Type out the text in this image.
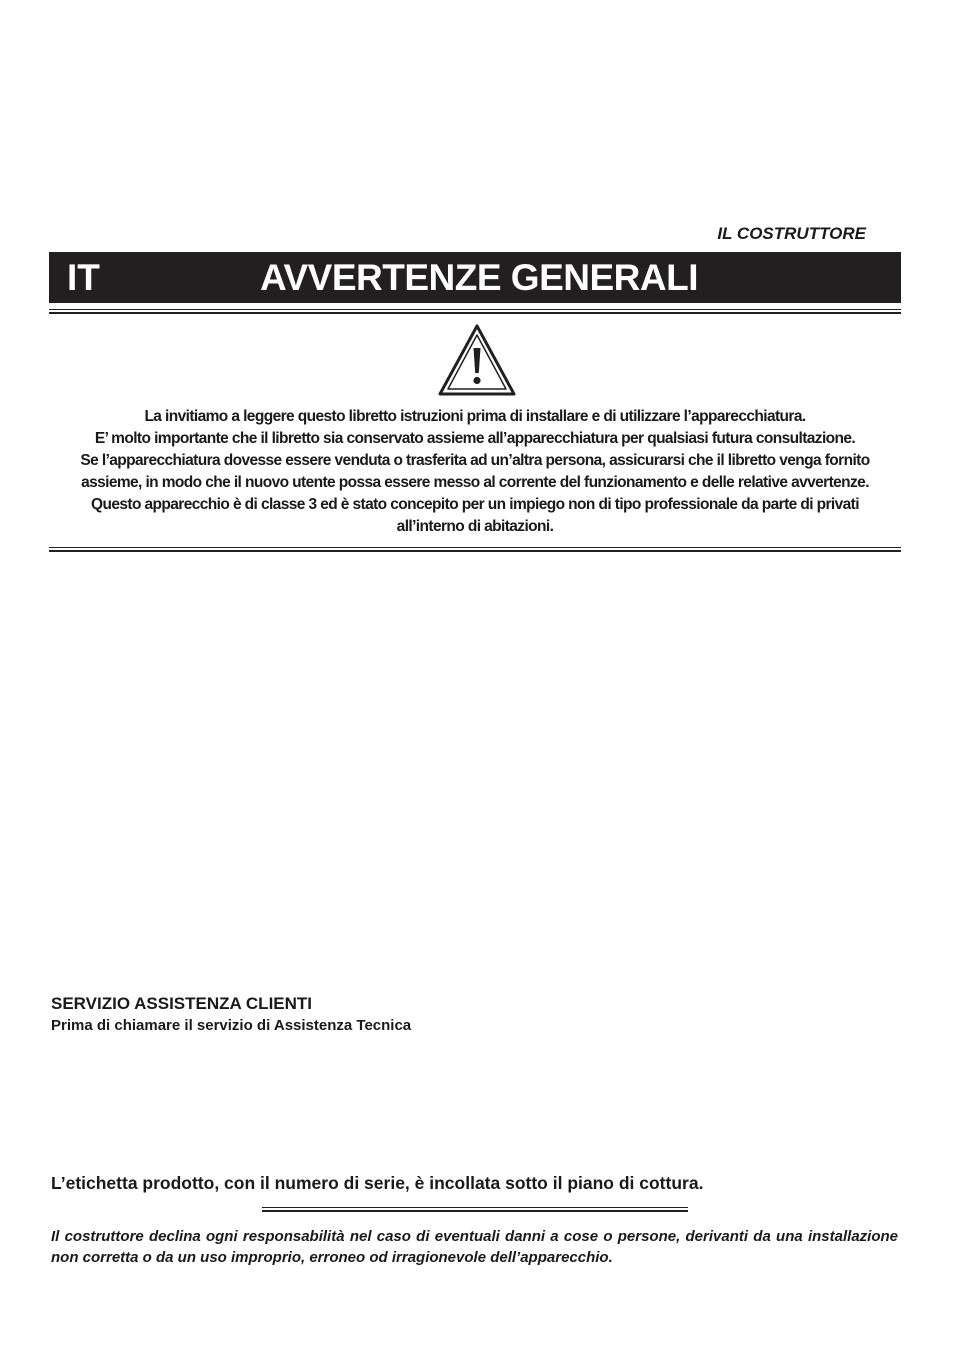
IL COSTRUTTORE
IT	AVVERTENZE GENERALI

La invitiamo a leggere questo libretto istruzioni prima di installare e di utilizzare l’apparecchiatura.

E’ molto importante che il libretto sia conservato assieme all’apparecchiatura per qualsiasi futura consultazione.

Se l’apparecchiatura dovesse essere venduta o trasferita ad un’altra persona, assicurarsi che il libretto venga fornito

assieme, in modo che il nuovo utente possa essere messo al corrente del funzionamento e delle relative avvertenze.

Questo apparecchio è di classe 3 ed è stato concepito per un impiego non di tipo professionale da parte di privati

all’interno di abitazioni.

SERVIZIO ASSISTENZA CLIENTI
Prima di chiamare il servizio di Assistenza Tecnica
L’etichetta prodotto, con il numero di serie, è incollata sotto il piano di cottura.
Il costruttore declina ogni responsabilità nel caso di eventuali danni a cose o persone, derivanti da una installazione non corretta o da un uso improprio, erroneo od irragionevole dell’apparecchio.
